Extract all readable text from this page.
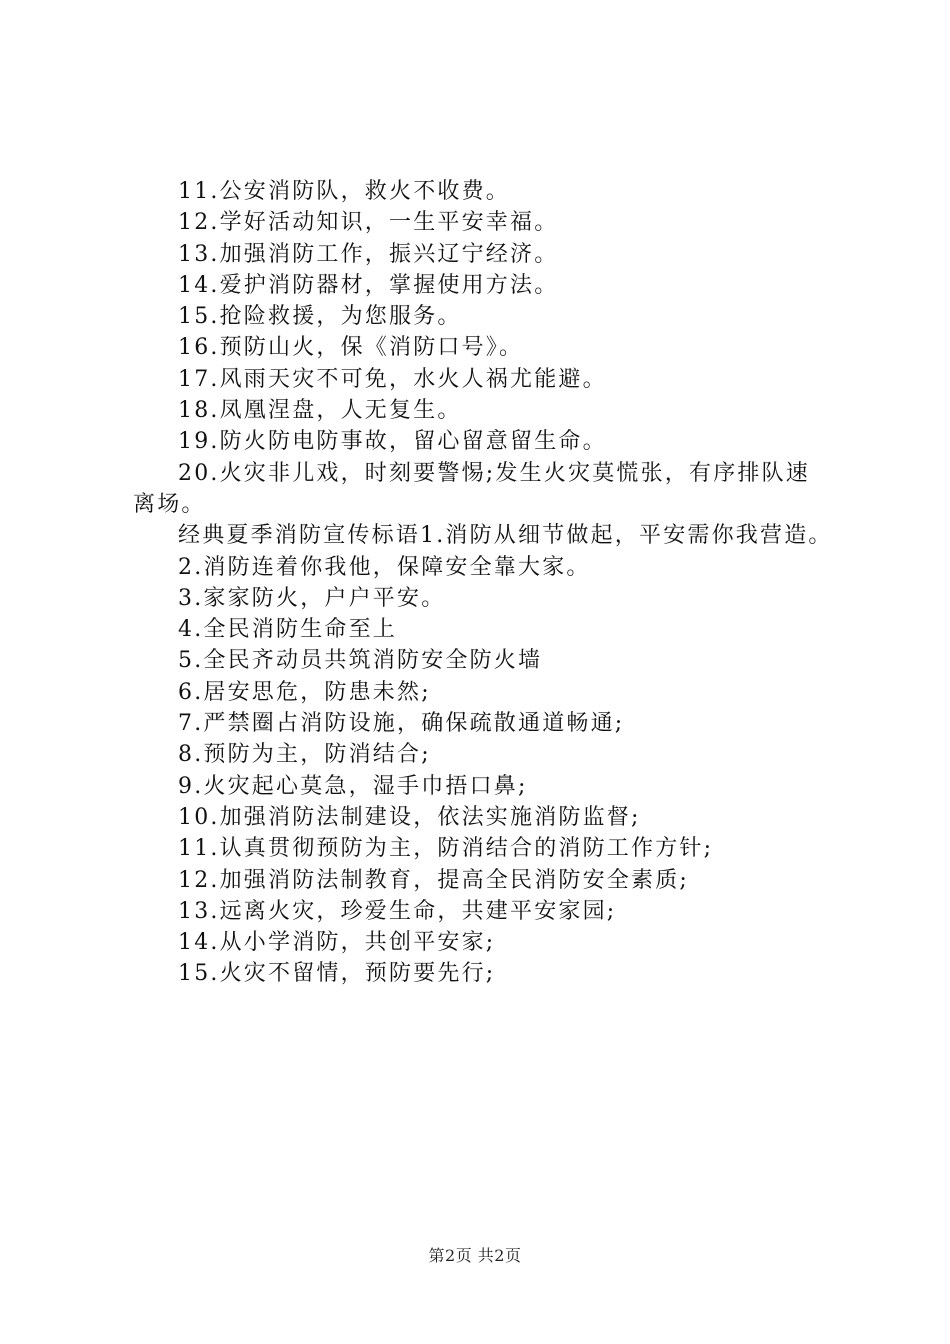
11.公安消防队，救火不收费。
12.学好活动知识，一生平安幸福。
13.加强消防工作，振兴辽宁经济。
14.爱护消防器材，掌握使用方法。
15.抢险救援，为您服务。
16.预防山火，保《消防口号》。
17.风雨天灾不可免，水火人祸尤能避。
18.凤凰涅盘，人无复生。
19.防火防电防事故，留心留意留生命。
20.火灾非儿戏，时刻要警惕;发生火灾莫慌张，有序排队速离场。
经典夏季消防宣传标语1.消防从细节做起，平安需你我营造。
2.消防连着你我他，保障安全靠大家。
3.家家防火，户户平安。
4.全民消防生命至上
5.全民齐动员共筑消防安全防火墙
6.居安思危，防患未然;
7.严禁圈占消防设施，确保疏散通道畅通;
8.预防为主，防消结合;
9.火灾起心莫急，湿手巾捂口鼻;
10.加强消防法制建设，依法实施消防监督;
11.认真贯彻预防为主，防消结合的消防工作方针;
12.加强消防法制教育，提高全民消防安全素质;
13.远离火灾，珍爱生命，共建平安家园;
14.从小学消防，共创平安家;
15.火灾不留情，预防要先行;
第2页 共2页
